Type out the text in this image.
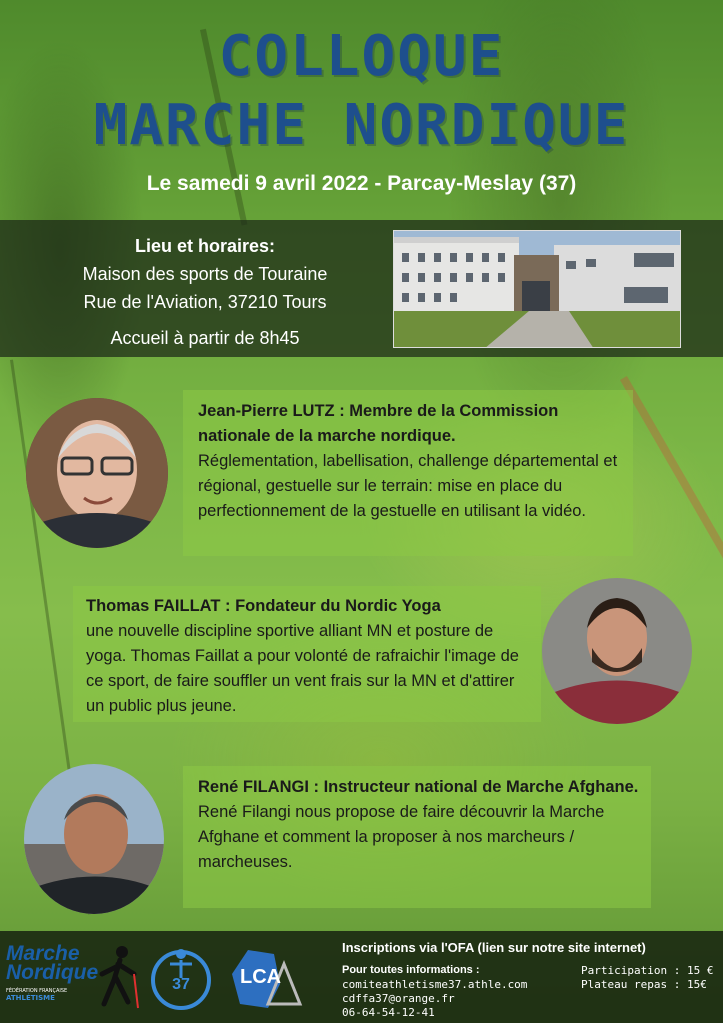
COLLOQUE
MARCHE NORDIQUE
Le samedi 9 avril 2022 - Parcay-Meslay (37)
Lieu et horaires:
Maison des sports de Touraine
Rue de l'Aviation, 37210 Tours
Accueil à partir de 8h45
Jean-Pierre LUTZ : Membre de la Commission nationale de la marche nordique.
Réglementation, labellisation, challenge départemental et régional, gestuelle sur le terrain: mise en place du perfectionnement de la gestuelle en utilisant la vidéo.
Thomas FAILLAT : Fondateur du Nordic Yoga
une nouvelle discipline sportive alliant MN et posture de yoga. Thomas Faillat a pour volonté de rafraichir l'image de ce sport, de faire souffler un vent frais sur la MN et d'attirer un public plus jeune.
René FILANGI : Instructeur national de Marche Afghane.
René Filangi nous propose de faire découvrir la Marche Afghane et comment la proposer à nos marcheurs / marcheuses.
Marche Nordique
FÉDÉRATION FRANÇAISE
ATHLÉTISME
37	LCA
Inscriptions via l'OFA (lien sur notre site internet)
Pour toutes informations :
comiteathletisme37.athle.com
cdffa37@orange.fr
06-64-54-12-41
Participation : 15 €
Plateau repas : 15€
